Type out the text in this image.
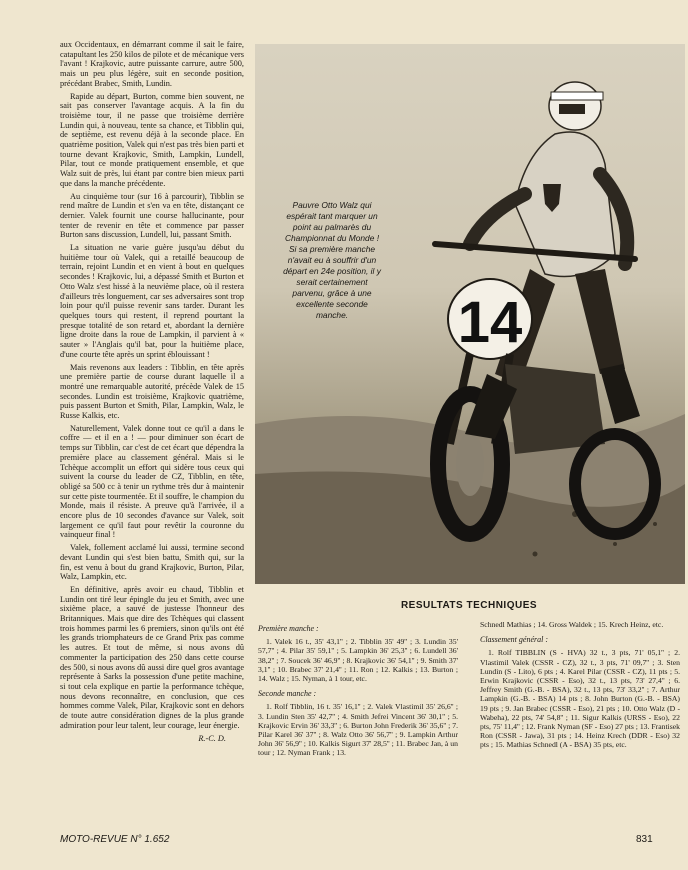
aux Occidentaux, en démarrant comme il sait le faire, catapultant les 250 kilos de pilote et de mécanique vers l'avant ! Krajkovic, autre puissante carrure, autre 500, mais un peu plus légère, suit en seconde position, précédant Brabec, Smith, Lundin.

Rapide au départ, Burton, comme bien souvent, ne sait pas conserver l'avantage acquis. A la fin du troisième tour, il ne passe que troisième derrière Lundin qui, à nouveau, tente sa chance, et Tibblin qui, de septième, est revenu déjà à la seconde place. En quatrième position, Valek qui n'est pas très bien parti et tourne devant Krajkovic, Smith, Lampkin, Lundell, Pilar, tout ce monde pratiquement ensemble, et que Walz suit de près, lui étant par contre bien mieux parti que dans la manche précédente.

Au cinquième tour (sur 16 à parcourir), Tibblin se rend maître de Lundin et s'en va en tête, distançant ce dernier. Valek fournit une course hallucinante, pour tenter de revenir en tête et commence par passer Burton sans discussion, Lundell, lui, passant Smith.

La situation ne varie guère jusqu'au début du huitième tour où Valek, qui a retaillé beaucoup de terrain, rejoint Lundin et en vient à bout en quelques secondes ! Krajkovic, lui, a dépassé Smith et Burton et Otto Walz s'est hissé à la neuvième place, où il restera d'ailleurs très longuement, car ses adversaires sont trop loin pour qu'il puisse revenir sans tarder. Durant les quelques tours qui restent, il reprend pourtant la presque totalité de son retard et, abordant la dernière ligne droite dans la roue de Lampkin, il parvient à « sauter » l'Anglais qu'il bat, pour la huitième place, d'une courte tête après un sprint éblouissant !

Mais revenons aux leaders : Tibblin, en tête après une première partie de course durant laquelle il a montré une remarquable autorité, précède Valek de 15 secondes. Lundin est troisième, Krajkovic quatrième, puis passent Burton et Smith, Pilar, Lampkin, Walz, le Russe Kalkis, etc.

Naturellement, Valek donne tout ce qu'il a dans le coffre — et il en a ! — pour diminuer son écart de temps sur Tibblin, car c'est de cet écart que dépendra la première place au classement général. Mais si le Tchèque accomplit un effort qui sidère tous ceux qui suivent la course du leader de CZ, Tibblin, en tête, obligé sa 500 cc à tenir un rythme très dur à maintenir sur cette piste tourmentée. Et il souffre, le champion du Monde, mais il résiste. A preuve qu'à l'arrivée, il a encore plus de 10 secondes d'avance sur Valek, soit largement ce qu'il faut pour revêtir la couronne du vainqueur final !

Valek, follement acclamé lui aussi, termine second devant Lundin qui s'est bien battu, Smith qui, sur la fin, est venu à bout du grand Krajkovic, Burton, Pilar, Walz, Lampkin, etc.

En définitive, après avoir eu chaud, Tibblin et Lundin ont tiré leur épingle du jeu et Smith, avec une sixième place, a sauvé de justesse l'honneur des Britanniques. Mais que dire des Tchèques qui classent trois hommes parmi les 6 premiers, sinon qu'ils ont été les grands triomphateurs de ce Grand Prix pas comme les autres. Et tout de même, si nous avons dû commenter la participation des 250 dans cette course des 500, si nous avons dû aussi dire quel gros avantage représente à Sarks la possession d'une petite machine, si tout cela explique en partie la performance tchèque, nous devons reconnaître, en conclusion, que ces hommes comme Valek, Pilar, Krajkovic sont en dehors de toute autre considération dignes de la plus grande admiration pour leur talent, leur courage, leur énergie.

R.-C. D.

14
Pauvre Otto Walz qui espérait tant marquer un point au palmarès du Championnat du Monde ! Si sa première manche n'avait eu à souffrir d'un départ en 24e position, il y serait certainement parvenu, grâce à une excellente seconde manche.
RESULTATS TECHNIQUES
Première manche :

1. Valek 16 t., 35' 43,1'' ; 2. Tibblin 35' 49'' ; 3. Lundin 35' 57,7'' ; 4. Pilar 35' 59,1'' ; 5. Lampkin 36' 25,3'' ; 6. Lundell 36' 38,2'' ; 7. Soucek 36' 46,9'' ; 8. Krajkovic 36' 54,1'' ; 9. Smith 37' 3,1'' ; 10. Brabec 37' 21,4'' ; 11. Ron ; 12. Kalkis ; 13. Burton ; 14. Walz ; 15. Nyman, à 1 tour, etc.

Seconde manche :

1. Rolf Tibblin, 16 t. 35' 16,1'' ; 2. Valek Vlastimil 35' 26,6'' ; 3. Lundin Sten 35' 42,7'' ; 4. Smith Jefrei Vincent 36' 30,1'' ; 5. Krajkovic Ervin 36' 33,3'' ; 6. Burton John Frederik 36' 35,6'' ; 7. Pilar Karel 36' 37'' ; 8. Walz Otto 36' 56,7'' ; 9. Lampkin Arthur John 36' 56,9'' ; 10. Kalkis Sigurt 37' 28,5'' ; 11. Brabec Jan, à un tour ; 12. Nyman Frank ; 13.

Schnedl Mathias ; 14. Gross Waldek ; 15. Krech Heinz, etc.

Classement général :

1. Rolf TIBBLIN (S - HVA) 32 t., 3 pts, 71' 05,1'' ; 2. Vlastimil Valek (CSSR - CZ), 32 t., 3 pts, 71' 09,7'' ; 3. Sten Lundin (S - Lito), 6 pts ; 4. Karel Pilar (CSSR - CZ), 11 pts ; 5. Erwin Krajkovic (CSSR - Eso), 32 t., 13 pts, 73' 27,4'' ; 6. Jeffrey Smith (G.-B. - BSA), 32 t., 13 pts, 73' 33,2'' ; 7. Arthur Lampkin (G.-B. - BSA) 14 pts ; 8. John Burton (G.-B. - BSA) 19 pts ; 9. Jan Brabec (CSSR - Eso), 21 pts ; 10. Otto Walz (D - Wabeha), 22 pts, 74' 54,8'' ; 11. Sigur Kalkis (URSS - Eso), 22 pts, 75' 11,4'' ; 12. Frank Nyman (SF - Eso) 27 pts ; 13. Frantisek Ron (CSSR - Jawa), 31 pts ; 14. Heinz Krech (DDR - Eso) 32 pts ; 15. Mathias Schnedl (A - BSA) 35 pts, etc.

MOTO-REVUE N° 1.652	831
